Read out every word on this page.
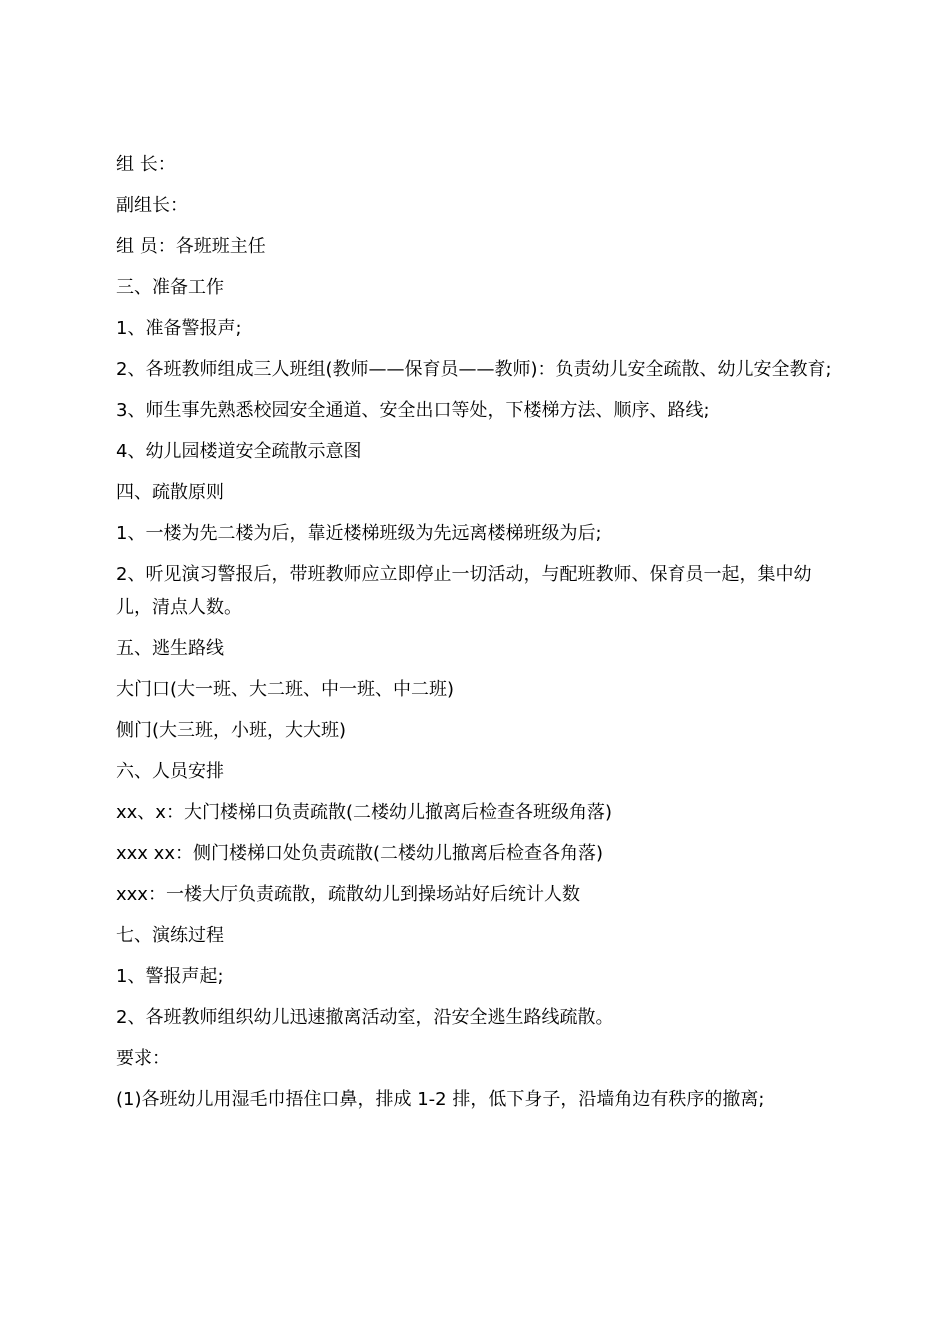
组 长：

副组长：

组 员：各班班主任

三、准备工作

1、准备警报声;

2、各班教师组成三人班组(教师——保育员——教师)：负责幼儿安全疏散、幼儿安全教育;

3、师生事先熟悉校园安全通道、安全出口等处，下楼梯方法、顺序、路线;

4、幼儿园楼道安全疏散示意图

四、疏散原则

1、一楼为先二楼为后，靠近楼梯班级为先远离楼梯班级为后;

2、听见演习警报后，带班教师应立即停止一切活动，与配班教师、保育员一起，集中幼儿，清点人数。

五、逃生路线

大门口(大一班、大二班、中一班、中二班)

侧门(大三班，小班，大大班)

六、人员安排

xx、x：大门楼梯口负责疏散(二楼幼儿撤离后检查各班级角落)

xxx xx：侧门楼梯口处负责疏散(二楼幼儿撤离后检查各角落)

xxx：一楼大厅负责疏散，疏散幼儿到操场站好后统计人数

七、演练过程

1、警报声起;

2、各班教师组织幼儿迅速撤离活动室，沿安全逃生路线疏散。

要求：

(1)各班幼儿用湿毛巾捂住口鼻，排成 1-2 排，低下身子，沿墙角边有秩序的撤离;
